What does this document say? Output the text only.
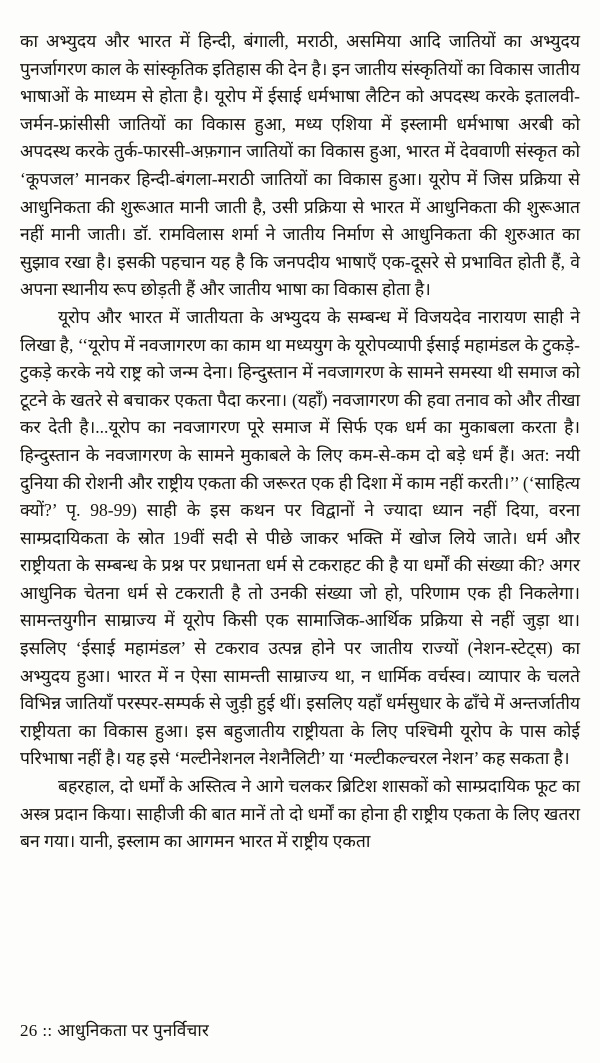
का अभ्युदय और भारत में हिन्दी, बंगाली, मराठी, असमिया आदि जातियों का अभ्युदय पुनर्जागरण काल के सांस्कृतिक इतिहास की देन है। इन जातीय संस्कृतियों का विकास जातीय भाषाओं के माध्यम से होता है। यूरोप में ईसाई धर्मभाषा लैटिन को अपदस्थ करके इतालवी-जर्मन-फ्रांसीसी जातियों का विकास हुआ, मध्य एशिया में इस्लामी धर्मभाषा अरबी को अपदस्थ करके तुर्क-फारसी-अफ़गान जातियों का विकास हुआ, भारत में देववाणी संस्कृत को ‘कूपजल’ मानकर हिन्दी-बंगला-मराठी जातियों का विकास हुआ। यूरोप में जिस प्रक्रिया से आधुनिकता की शुरूआत मानी जाती है, उसी प्रक्रिया से भारत में आधुनिकता की शुरूआत नहीं मानी जाती। डॉ. रामविलास शर्मा ने जातीय निर्माण से आधुनिकता की शुरुआत का सुझाव रखा है। इसकी पहचान यह है कि जनपदीय भाषाएँ एक-दूसरे से प्रभावित होती हैं, वे अपना स्थानीय रूप छोड़ती हैं और जातीय भाषा का विकास होता है।

यूरोप और भारत में जातीयता के अभ्युदय के सम्बन्ध में विजयदेव नारायण साही ने लिखा है, ‘‘यूरोप में नवजागरण का काम था मध्ययुग के यूरोपव्यापी ईसाई महामंडल के टुकड़े-टुकड़े करके नये राष्ट्र को जन्म देना। हिन्दुस्तान में नवजागरण के सामने समस्या थी समाज को टूटने के खतरे से बचाकर एकता पैदा करना। (यहाँ) नवजागरण की हवा तनाव को और तीखा कर देती है।...यूरोप का नवजागरण पूरे समाज में सिर्फ एक धर्म का मुकाबला करता है। हिन्दुस्तान के नवजागरण के सामने मुकाबले के लिए कम-से-कम दो बड़े धर्म हैं। अत: नयी दुनिया की रोशनी और राष्ट्रीय एकता की जरूरत एक ही दिशा में काम नहीं करती।’’ (‘साहित्य क्यों?’ पृ. 98-99) साही के इस कथन पर विद्वानों ने ज्यादा ध्यान नहीं दिया, वरना साम्प्रदायिकता के स्रोत 19वीं सदी से पीछे जाकर भक्ति में खोज लिये जाते। धर्म और राष्ट्रीयता के सम्बन्ध के प्रश्न पर प्रधानता धर्म से टकराहट की है या धर्मों की संख्या की? अगर आधुनिक चेतना धर्म से टकराती है तो उनकी संख्या जो हो, परिणाम एक ही निकलेगा। सामन्तयुगीन साम्राज्य में यूरोप किसी एक सामाजिक-आर्थिक प्रक्रिया से नहीं जुड़ा था। इसलिए ‘ईसाई महामंडल’ से टकराव उत्पन्न होने पर जातीय राज्यों (नेशन-स्टेट्स) का अभ्युदय हुआ। भारत में न ऐसा सामन्ती साम्राज्य था, न धार्मिक वर्चस्व। व्यापार के चलते विभिन्न जातियाँ परस्पर-सम्पर्क से जुड़ी हुई थीं। इसलिए यहाँ धर्मसुधार के ढाँचे में अन्तर्जातीय राष्ट्रीयता का विकास हुआ। इस बहुजातीय राष्ट्रीयता के लिए पश्चिमी यूरोप के पास कोई परिभाषा नहीं है। यह इसे ‘मल्टीनेशनल नेशनैलिटी’ या ‘मल्टीकल्चरल नेशन’ कह सकता है।

बहरहाल, दो धर्मों के अस्तित्व ने आगे चलकर ब्रिटिश शासकों को साम्प्रदायिक फूट का अस्त्र प्रदान किया। साहीजी की बात मानें तो दो धर्मों का होना ही राष्ट्रीय एकता के लिए खतरा बन गया। यानी, इस्लाम का आगमन भारत में राष्ट्रीय एकता

26 :: आधुनिकता पर पुनर्विचार
